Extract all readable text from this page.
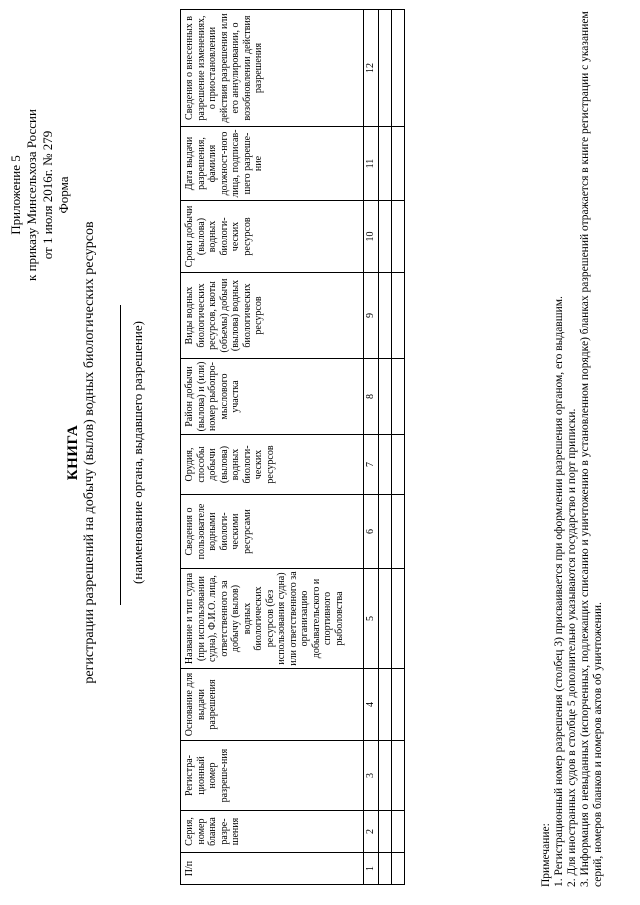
Приложение 5 к приказу Минсельхоза России от 1 июля 2016г. № 279 Форма
КНИГА регистрации разрешений на добычу (вылов) водных биологических ресурсов	(наименование органа, выдавшего разрешение)
П/п	Серия, номер бланка разре-шения	Регистра-ционный номер разреше-ния	Основание для выдачи разрешения	Название и тип судна (при использовании судна), Ф.И.О. лица, ответственного за добычу (вылов) водных биологических ресурсов (без использования судна) или ответственного за организацию добывательского и спортивного рыболовства	Сведения о пользователе водными биологи-ческими ресурсами	Орудия, способы добычи (вылова) водных биологи-ческих ресурсов	Район добычи (вылова) и (или) номер рыбопро-мыслового участка	Виды водных биологических ресурсов, квоты (объемы) добычи (вылова) водных биологических ресурсов	Сроки добычи (вылова) водных биологи-ческих ресурсов	Дата выдачи разрешения, фамилия должност-ного лица, подписав-шего разреше-ние	Сведения о внесенных в разрешение изменениях, о приостановлении действия разрешения или его аннулировании, о возобновлении действия разрешения
1	2	3	4	5	6	7	8	9	10	11	12

Примечание: 1. Регистрационный номер разрешения (столбец 3) присваивается при оформлении разрешения органом, его выдавшим. 2. Для иностранных судов в столбце 5 дополнительно указываются государство и порт приписки. 3. Информация о невыданных (испорченных, подлежащих списанию и уничтожению в установленном порядке) бланках разрешений отражается в книге регистрации с указанием серий, номеров бланков и номеров актов об уничтожении.
